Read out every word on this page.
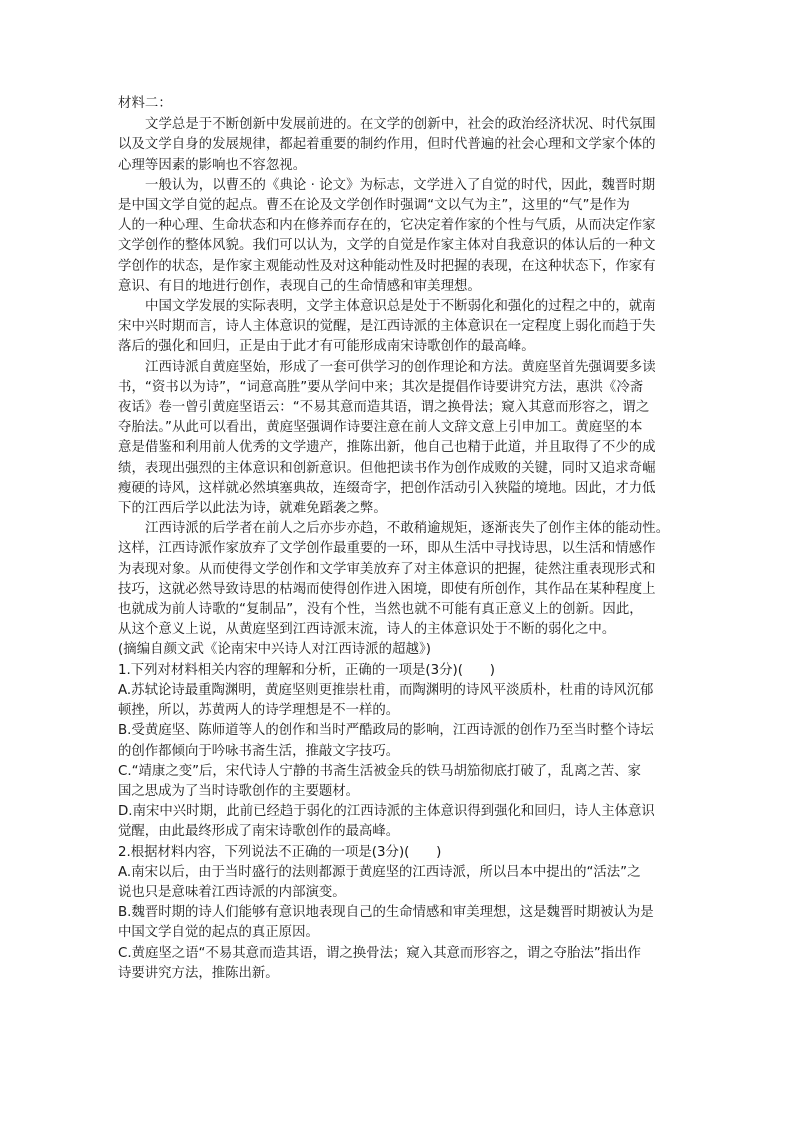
材料二：
文学总是于不断创新中发展前进的。在文学的创新中，社会的政治经济状况、时代氛围
以及文学自身的发展规律，都起着重要的制约作用，但时代普遍的社会心理和文学家个体的
心理等因素的影响也不容忽视。
一般认为，以曹丕的《典论 · 论文》为标志，文学进入了自觉的时代，因此，魏晋时期
是中国文学自觉的起点。曹丕在论及文学创作时强调“文以气为主”，这里的“气”是作为
人的一种心理、生命状态和内在修养而存在的，它决定着作家的个性与气质，从而决定作家
文学创作的整体风貌。我们可以认为，文学的自觉是作家主体对自我意识的体认后的一种文
学创作的状态，是作家主观能动性及对这种能动性及时把握的表现，在这种状态下，作家有
意识、有目的地进行创作，表现自己的生命情感和审美理想。
中国文学发展的实际表明，文学主体意识总是处于不断弱化和强化的过程之中的，就南
宋中兴时期而言，诗人主体意识的觉醒，是江西诗派的主体意识在一定程度上弱化而趋于失
落后的强化和回归，正是由于此才有可能形成南宋诗歌创作的最高峰。
江西诗派自黄庭坚始，形成了一套可供学习的创作理论和方法。黄庭坚首先强调要多读
书，“资书以为诗”，“词意高胜”要从学问中来；其次是提倡作诗要讲究方法，惠洪《冷斋
夜话》卷一曾引黄庭坚语云：“不易其意而造其语，谓之换骨法；窥入其意而形容之，谓之
夺胎法。”从此可以看出，黄庭坚强调作诗要注意在前人文辞文意上引申加工。黄庭坚的本
意是借鉴和利用前人优秀的文学遗产，推陈出新，他自己也精于此道，并且取得了不少的成
绩，表现出强烈的主体意识和创新意识。但他把读书作为创作成败的关键，同时又追求奇崛
瘦硬的诗风，这样就必然填塞典故，连缀奇字，把创作活动引入狭隘的境地。因此，才力低
下的江西后学以此法为诗，就难免蹈袭之弊。
江西诗派的后学者在前人之后亦步亦趋，不敢稍逾规矩，逐渐丧失了创作主体的能动性。
这样，江西诗派作家放弃了文学创作最重要的一环，即从生活中寻找诗思，以生活和情感作
为表现对象。从而使得文学创作和文学审美放弃了对主体意识的把握，徒然注重表现形式和
技巧，这就必然导致诗思的枯竭而使得创作进入困境，即使有所创作，其作品在某种程度上
也就成为前人诗歌的“复制品”，没有个性，当然也就不可能有真正意义上的创新。因此，
从这个意义上说，从黄庭坚到江西诗派末流，诗人的主体意识处于不断的弱化之中。
(摘编自颜文武《论南宋中兴诗人对江西诗派的超越》)
1.下列对材料相关内容的理解和分析，正确的一项是(3分)(　　)
A.苏轼论诗最重陶渊明，黄庭坚则更推崇杜甫，而陶渊明的诗风平淡质朴，杜甫的诗风沉郁
顿挫，所以，苏黄两人的诗学理想是不一样的。
B.受黄庭坚、陈师道等人的创作和当时严酷政局的影响，江西诗派的创作乃至当时整个诗坛
的创作都倾向于吟咏书斋生活，推敲文字技巧。
C.“靖康之变”后，宋代诗人宁静的书斋生活被金兵的铁马胡笳彻底打破了，乱离之苦、家
国之思成为了当时诗歌创作的主要题材。
D.南宋中兴时期，此前已经趋于弱化的江西诗派的主体意识得到强化和回归，诗人主体意识
觉醒，由此最终形成了南宋诗歌创作的最高峰。
2.根据材料内容，下列说法不正确的一项是(3分)(　　)
A.南宋以后，由于当时盛行的法则都源于黄庭坚的江西诗派，所以吕本中提出的“活法”之
说也只是意味着江西诗派的内部演变。
B.魏晋时期的诗人们能够有意识地表现自己的生命情感和审美理想，这是魏晋时期被认为是
中国文学自觉的起点的真正原因。
C.黄庭坚之语“不易其意而造其语，谓之换骨法；窥入其意而形容之，谓之夺胎法”指出作
诗要讲究方法，推陈出新。
